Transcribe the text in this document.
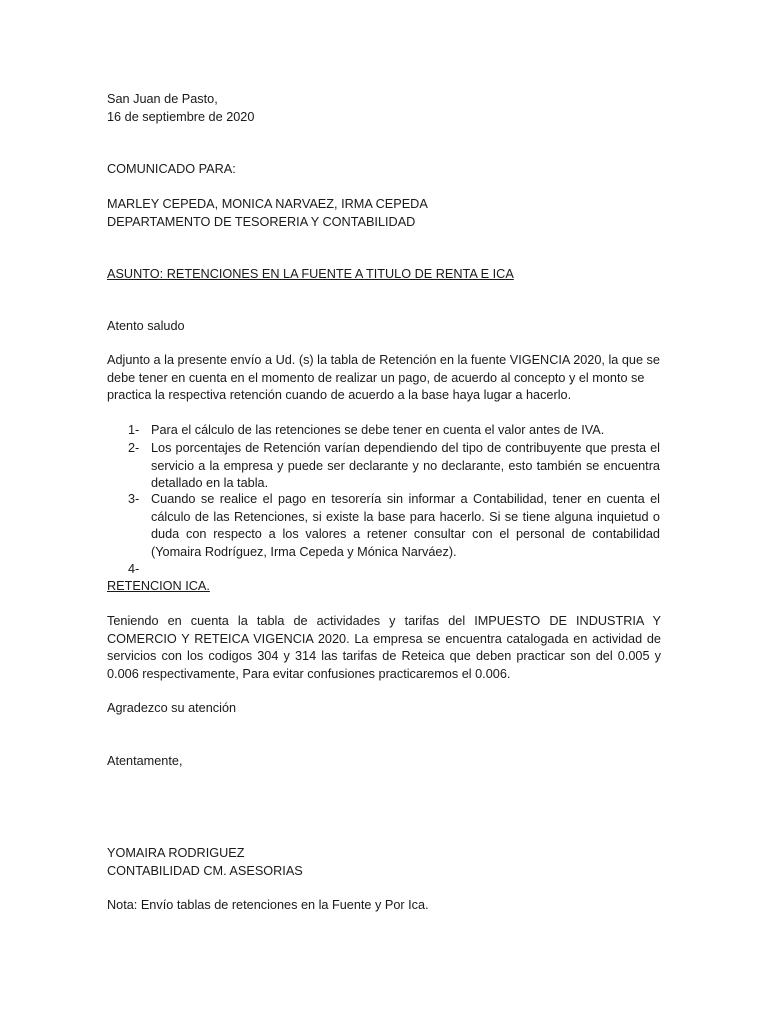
San Juan de Pasto,
16 de septiembre de 2020
COMUNICADO PARA:
MARLEY CEPEDA, MONICA NARVAEZ, IRMA CEPEDA
DEPARTAMENTO DE TESORERIA Y CONTABILIDAD
ASUNTO: RETENCIONES EN LA FUENTE A TITULO DE RENTA E ICA
Atento saludo
Adjunto a la presente envío a Ud. (s) la tabla de Retención en la fuente VIGENCIA 2020, la que se debe tener en cuenta en el momento de realizar un pago, de acuerdo al concepto y el monto se practica la respectiva retención cuando de acuerdo a la base haya lugar a hacerlo.
1- Para el cálculo de las retenciones se debe tener en cuenta el valor antes de IVA.
2- Los porcentajes de Retención varían dependiendo del tipo de contribuyente que presta el servicio a la empresa y puede ser declarante y no declarante, esto también se encuentra detallado en la tabla.
3- Cuando se realice el pago en tesorería sin informar a Contabilidad, tener en cuenta el cálculo de las Retenciones, si existe la base para hacerlo. Si se tiene alguna inquietud o duda con respecto a los valores a retener consultar con el personal de contabilidad (Yomaira Rodríguez, Irma Cepeda y Mónica Narváez).
4-
RETENCION ICA.
Teniendo en cuenta la tabla de actividades y tarifas del IMPUESTO DE INDUSTRIA Y COMERCIO Y RETEICA VIGENCIA 2020. La empresa se encuentra catalogada en actividad de servicios con los codigos 304 y 314 las tarifas de Reteica que deben practicar son del 0.005 y 0.006 respectivamente, Para evitar confusiones practicaremos el 0.006.
Agradezco su atención
Atentamente,
YOMAIRA RODRIGUEZ
CONTABILIDAD CM. ASESORIAS
Nota: Envío tablas de retenciones en la Fuente y Por Ica.
